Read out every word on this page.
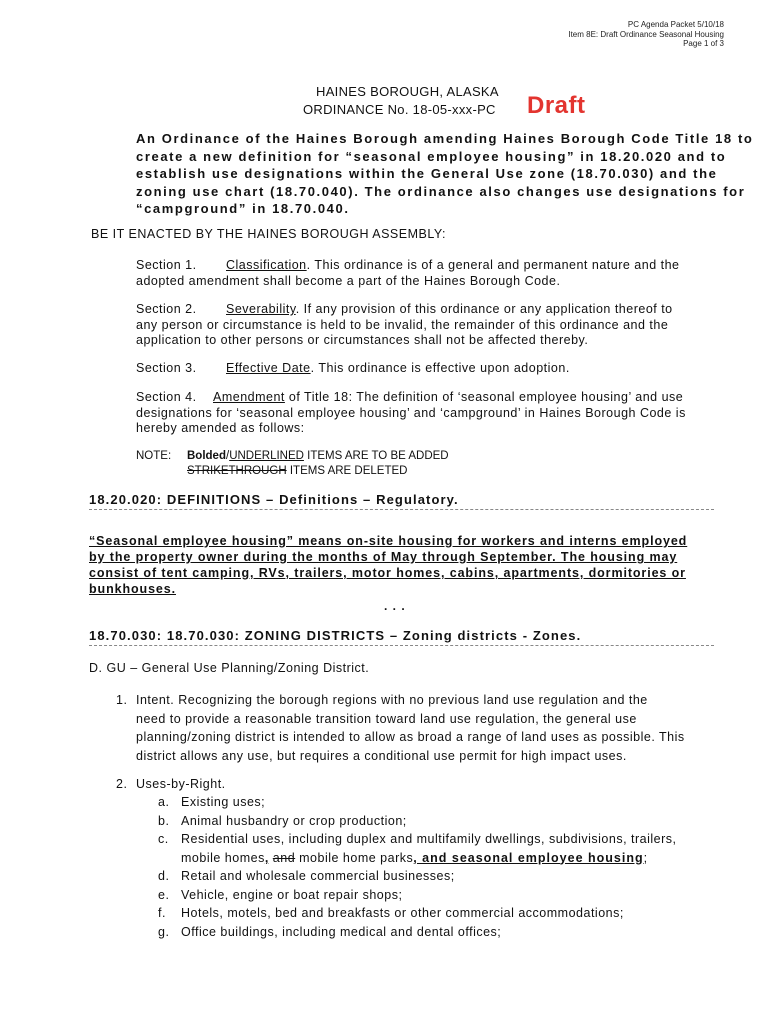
PC Agenda Packet 5/10/18
Item 8E: Draft Ordinance Seasonal Housing
Page 1 of 3
HAINES BOROUGH, ALASKA
ORDINANCE No. 18-05-xxx-PC Draft
An Ordinance of the Haines Borough amending Haines Borough Code Title 18 to
create a new definition for “seasonal employee housing” in 18.20.020 and to
establish use designations within the General Use zone (18.70.030) and the
zoning use chart (18.70.040). The ordinance also changes use designations for
“campground” in 18.70.040.
BE IT ENACTED BY THE HAINES BOROUGH ASSEMBLY:
Section 1. Classification. This ordinance is of a general and permanent nature and the
adopted amendment shall become a part of the Haines Borough Code.
Section 2. Severability. If any provision of this ordinance or any application thereof to
any person or circumstance is held to be invalid, the remainder of this ordinance and the
application to other persons or circumstances shall not be affected thereby.
Section 3. Effective Date. This ordinance is effective upon adoption.
Section 4. Amendment of Title 18: The definition of ‘seasonal employee housing’ and use
designations for ‘seasonal employee housing’ and ‘campground’ in Haines Borough Code is
hereby amended as follows:
NOTE: Bolded/UNDERLINED ITEMS ARE TO BE ADDED
STRIKETHROUGH ITEMS ARE DELETED
18.20.020: DEFINITIONS – Definitions – Regulatory.
“Seasonal employee housing” means on-site housing for workers and interns employed
by the property owner during the months of May through September. The housing may
consist of tent camping, RVs, trailers, motor homes, cabins, apartments, dormitories or
bunkhouses.
. . .
18.70.030: 18.70.030: ZONING DISTRICTS – Zoning districts - Zones.
D. GU – General Use Planning/Zoning District.
1. Intent. Recognizing the borough regions with no previous land use regulation and the
need to provide a reasonable transition toward land use regulation, the general use
planning/zoning district is intended to allow as broad a range of land uses as possible. This
district allows any use, but requires a conditional use permit for high impact uses.
2. Uses-by-Right.
a. Existing uses;
b. Animal husbandry or crop production;
c. Residential uses, including duplex and multifamily dwellings, subdivisions, trailers,
mobile homes, and mobile home parks, and seasonal employee housing;
d. Retail and wholesale commercial businesses;
e. Vehicle, engine or boat repair shops;
f. Hotels, motels, bed and breakfasts or other commercial accommodations;
g. Office buildings, including medical and dental offices;
